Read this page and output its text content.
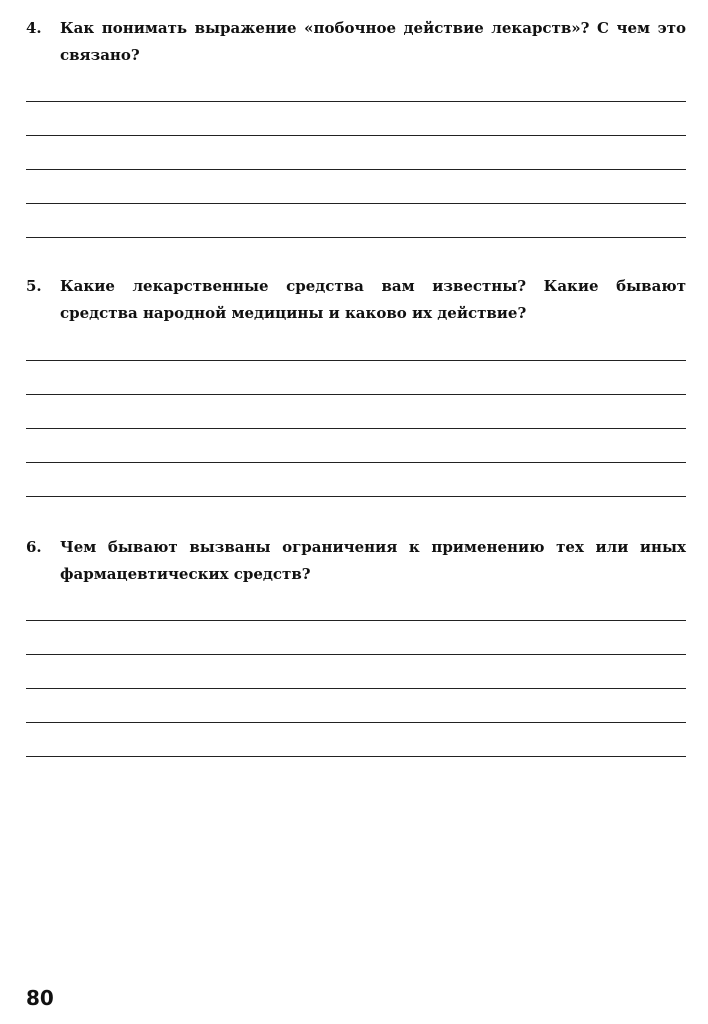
4. Как понимать выражение «побочное действие лекарств»? С чем это связано?
5. Какие лекарственные средства вам известны? Какие бывают средства народной медицины и каково их действие?
6. Чем бывают вызваны ограничения к применению тех или иных фармацевтических средств?
80
